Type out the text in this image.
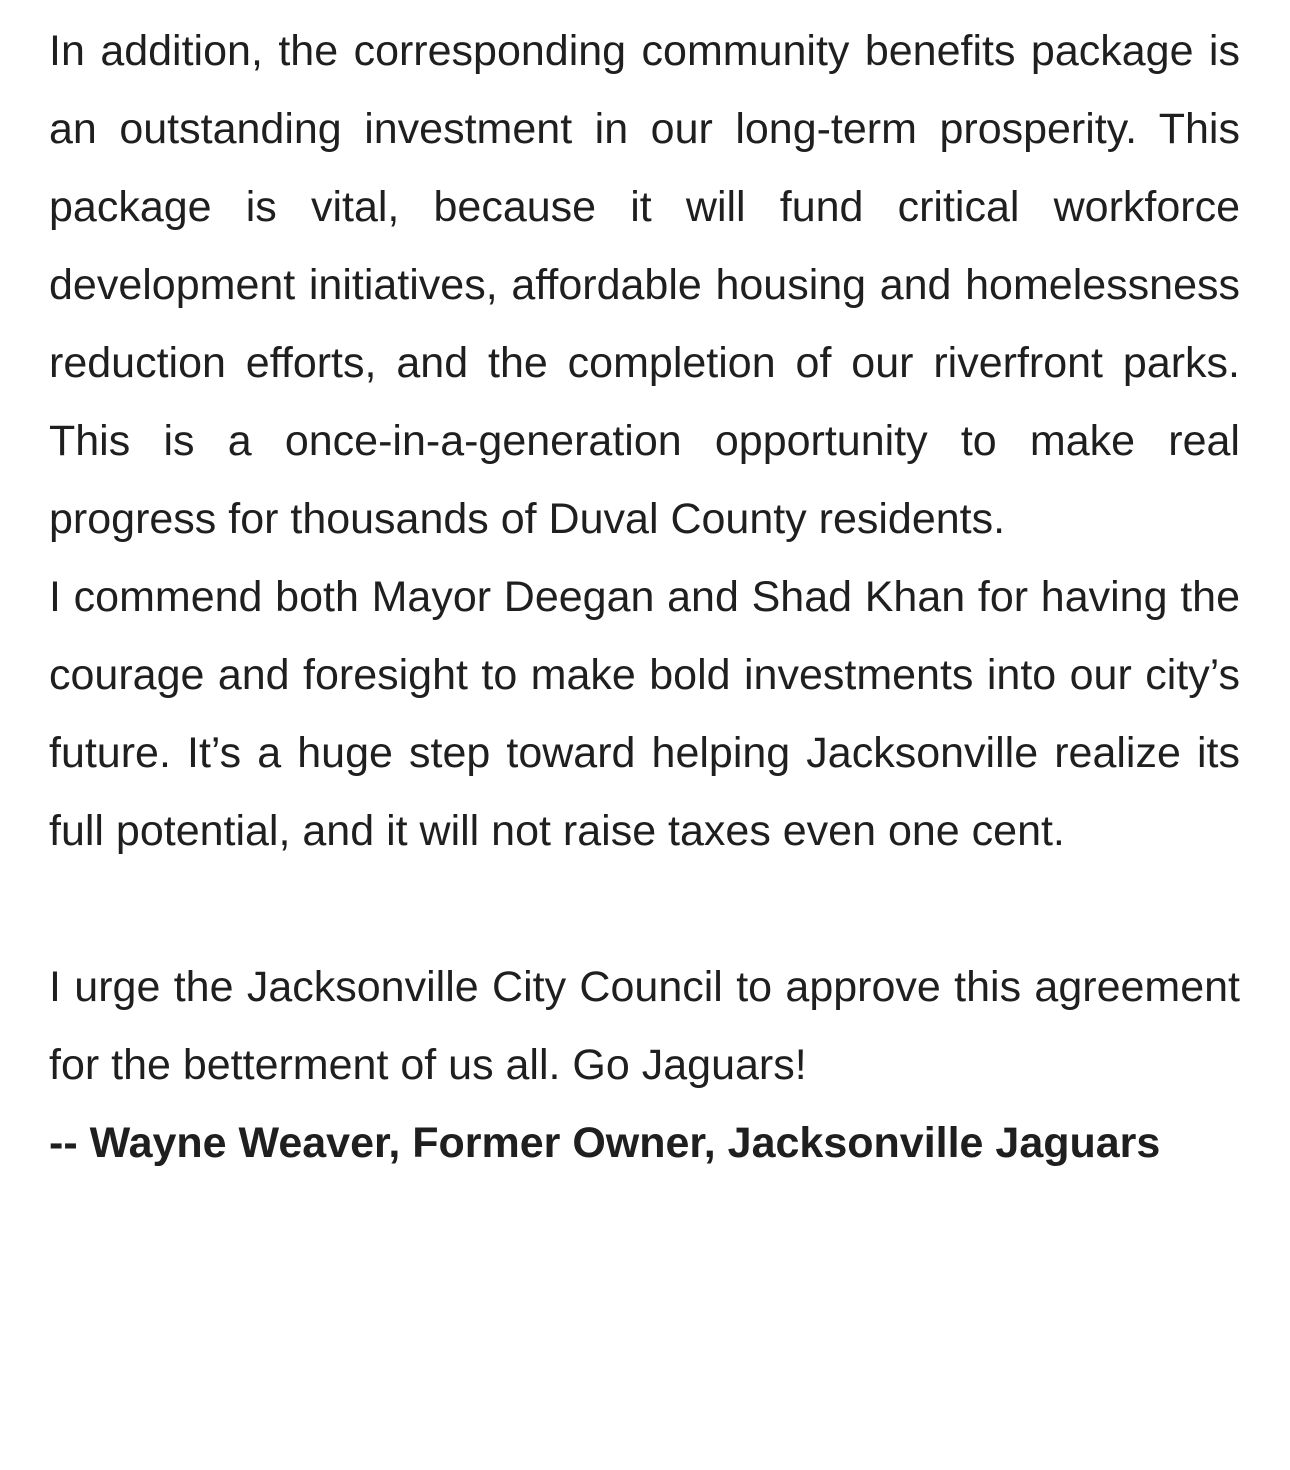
In addition, the corresponding community benefits package is an outstanding investment in our long-term prosperity. This package is vital, because it will fund critical workforce development initiatives, affordable housing and homelessness reduction efforts, and the completion of our riverfront parks. This is a once-in-a-generation opportunity to make real progress for thousands of Duval County residents.

I commend both Mayor Deegan and Shad Khan for having the courage and foresight to make bold investments into our city’s future. It’s a huge step toward helping Jacksonville realize its full potential, and it will not raise taxes even one cent.

I urge the Jacksonville City Council to approve this agreement for the betterment of us all. Go Jaguars!

-- Wayne Weaver, Former Owner, Jacksonville Jaguars
